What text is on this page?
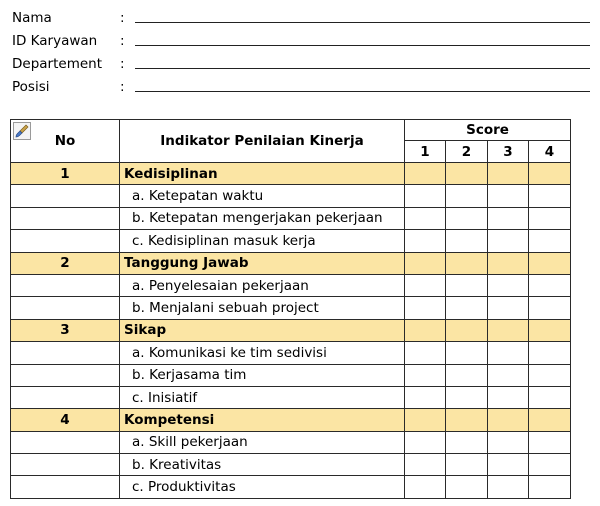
Nama	:
ID Karyawan :
Departement :
Posisi	:
No	Indikator Penilaian Kinerja	Score			
		1	2	3	4
1	Kedisiplinan				
	a. Ketepatan waktu				
	b. Ketepatan mengerjakan pekerjaan				
	c. Kedisiplinan masuk kerja				
2	Tanggung Jawab				
	a. Penyelesaian pekerjaan				
	b. Menjalani sebuah project				
3	Sikap				
	a. Komunikasi ke tim sedivisi				
	b. Kerjasama tim				
	c. Inisiatif				
4	Kompetensi				
	a. Skill pekerjaan				
	b. Kreativitas				
	c. Produktivitas				
